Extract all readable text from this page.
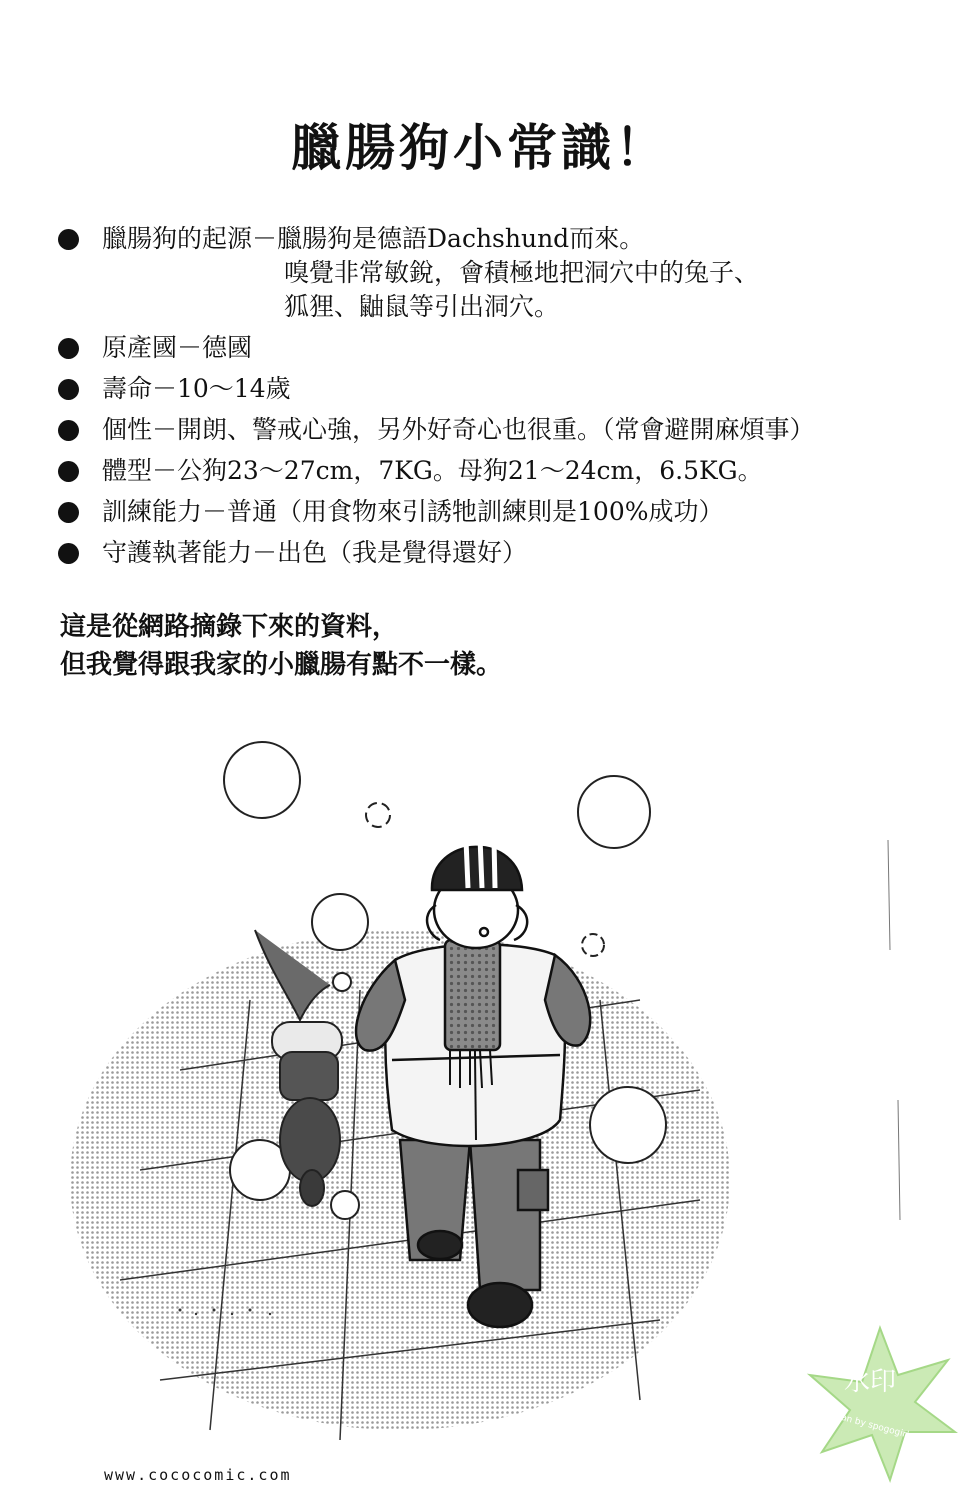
臘腸狗小常識！
臘腸狗的起源－臘腸狗是德語Dachshund而來。
嗅覺非常敏銳，會積極地把洞穴中的兔子、
狐狸、鼬鼠等引出洞穴。
原產國－德國
壽命－10～14歲
個性－開朗、警戒心強，另外好奇心也很重。（常會避開麻煩事）
體型－公狗23～27cm，7KG。母狗21～24cm，6.5KG。
訓練能力－普通（用食物來引誘牠訓練則是100%成功）
守護執著能力－出色（我是覺得還好）
這是從網路摘錄下來的資料，
但我覺得跟我家的小臘腸有點不一樣。
水印
Scan by spogogirl
www.cococomic.com
